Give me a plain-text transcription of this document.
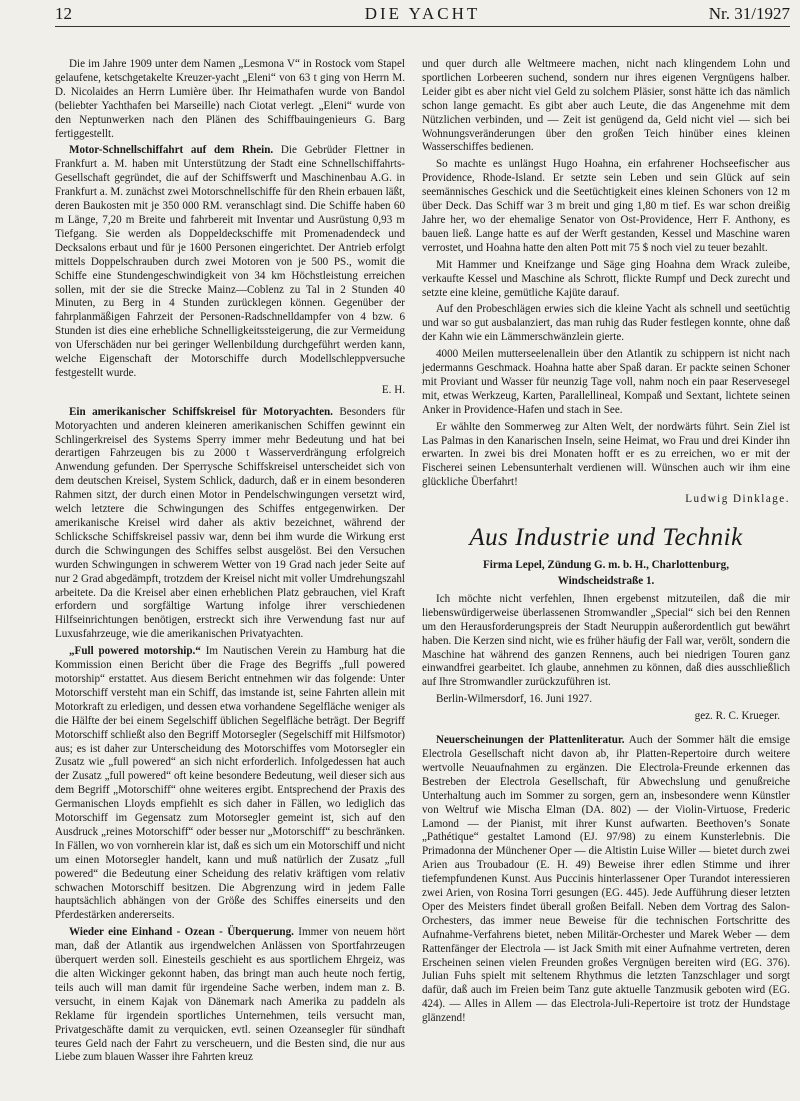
12	DIE YACHT	Nr. 31/1927

Die im Jahre 1909 unter dem Namen „Lesmona V“ in Rostock vom Stapel gelaufene, ketschgetakelte Kreuzer-yacht „Eleni“ von 63 t ging von Herrn M. D. Nicolaides an Herrn Lumière über. Ihr Heimathafen wurde von Bandol (beliebter Yachthafen bei Marseille) nach Ciotat verlegt. „Eleni“ wurde von den Neptunwerken nach den Plänen des Schiffbauingenieurs G. Barg fertiggestellt.

Motor-Schnellschiffahrt auf dem Rhein. Die Gebrüder Flettner in Frankfurt a. M. haben mit Unterstützung der Stadt eine Schnellschiffahrts-Gesellschaft gegründet, die auf der Schiffswerft und Maschinenbau A.G. in Frankfurt a. M. zunächst zwei Motorschnellschiffe für den Rhein erbauen läßt, deren Baukosten mit je 350 000 RM. veranschlagt sind. Die Schiffe haben 60 m Länge, 7,20 m Breite und fahrbereit mit Inventar und Ausrüstung 0,93 m Tiefgang. Sie werden als Doppeldeckschiffe mit Promenadendeck und Decksalons erbaut und für je 1600 Personen eingerichtet. Der Antrieb erfolgt mittels Doppelschrauben durch zwei Motoren von je 500 PS., womit die Schiffe eine Stundengeschwindigkeit von 34 km Höchstleistung erreichen sollen, mit der sie die Strecke Mainz—Coblenz zu Tal in 2 Stunden 40 Minuten, zu Berg in 4 Stunden zurücklegen können. Gegenüber der fahrplanmäßigen Fahrzeit der Personen-Radschnelldampfer von 4 bzw. 6 Stunden ist dies eine erhebliche Schnelligkeitssteigerung, die zur Vermeidung von Uferschäden nur bei geringer Wellenbildung durchgeführt werden kann, welche Eigenschaft der Motorschiffe durch Modellschleppversuche festgestellt wurde.

E. H.

Ein amerikanischer Schiffskreisel für Motoryachten. Besonders für Motoryachten und anderen kleineren amerikanischen Schiffen gewinnt ein Schlingerkreisel des Systems Sperry immer mehr Bedeutung und hat bei derartigen Fahrzeugen bis zu 2000 t Wasserverdrängung erfolgreich Anwendung gefunden. Der Sperrysche Schiffskreisel unterscheidet sich von dem deutschen Kreisel, System Schlick, dadurch, daß er in einem besonderen Rahmen sitzt, der durch einen Motor in Pendelschwingungen versetzt wird, welch letztere die Schwingungen des Schiffes entgegenwirken. Der amerikanische Kreisel wird daher als aktiv bezeichnet, während der Schlicksche Schiffskreisel passiv war, denn bei ihm wurde die Wirkung erst durch die Schwingungen des Schiffes selbst ausgelöst. Bei den Versuchen wurden Schwingungen in schwerem Wetter von 19 Grad nach jeder Seite auf nur 2 Grad abgedämpft, trotzdem der Kreisel nicht mit voller Umdrehungszahl arbeitete. Da die Kreisel aber einen erheblichen Platz gebrauchen, viel Kraft erfordern und sorgfältige Wartung infolge ihrer verschiedenen Hilfseinrichtungen benötigen, erstreckt sich ihre Verwendung fast nur auf Luxusfahrzeuge, wie die amerikanischen Privatyachten.

„Full powered motorship.“ Im Nautischen Verein zu Hamburg hat die Kommission einen Bericht über die Frage des Begriffs „full powered motorship“ erstattet. Aus diesem Bericht entnehmen wir das folgende: Unter Motorschiff versteht man ein Schiff, das imstande ist, seine Fahrten allein mit Motorkraft zu erledigen, und dessen etwa vorhandene Segelfläche weniger als die Hälfte der bei einem Segelschiff üblichen Segelfläche beträgt. Der Begriff Motorschiff schließt also den Begriff Motorsegler (Segelschiff mit Hilfsmotor) aus; es ist daher zur Unterscheidung des Motorschiffes vom Motorsegler ein Zusatz wie „full powered“ an sich nicht erforderlich. Infolgedessen hat auch der Zusatz „full powered“ oft keine besondere Bedeutung, weil dieser sich aus dem Begriff „Motorschiff“ ohne weiteres ergibt. Entsprechend der Praxis des Germanischen Lloyds empfiehlt es sich daher in Fällen, wo lediglich das Motorschiff im Gegensatz zum Motorsegler gemeint ist, sich auf den Ausdruck „reines Motorschiff“ oder besser nur „Motorschiff“ zu beschränken. In Fällen, wo von vornherein klar ist, daß es sich um ein Motorschiff und nicht um einen Motorsegler handelt, kann und muß natürlich der Zusatz „full powered“ die Bedeutung einer Scheidung des relativ kräftigen vom relativ schwachen Motorschiff besitzen. Die Abgrenzung wird in jedem Falle hauptsächlich abhängen von der Größe des Schiffes einerseits und den Pferdestärken andererseits.

Wieder eine Einhand - Ozean - Überquerung. Immer von neuem hört man, daß der Atlantik aus irgendwelchen Anlässen von Sportfahrzeugen überquert werden soll. Einesteils geschieht es aus sportlichem Ehrgeiz, was die alten Wickinger gekonnt haben, das bringt man auch heute noch fertig, teils auch will man damit für irgendeine Sache werben, indem man z. B. versucht, in einem Kajak von Dänemark nach Amerika zu paddeln als Reklame für irgendein sportliches Unternehmen, teils versucht man, Privatgeschäfte damit zu verquicken, evtl. seinen Ozeansegler für sündhaft teures Geld nach der Fahrt zu verscheuern, und die Besten sind, die nur aus Liebe zum blauen Wasser ihre Fahrten kreuz

und quer durch alle Weltmeere machen, nicht nach klingendem Lohn und sportlichen Lorbeeren suchend, sondern nur ihres eigenen Vergnügens halber. Leider gibt es aber nicht viel Geld zu solchem Pläsier, sonst hätte ich das nämlich schon lange gemacht. Es gibt aber auch Leute, die das Angenehme mit dem Nützlichen verbinden, und — Zeit ist genügend da, Geld nicht viel — sich bei Wohnungsveränderungen über den großen Teich hinüber eines kleinen Wasserschiffes bedienen.

So machte es unlängst Hugo Hoahna, ein erfahrener Hochseefischer aus Providence, Rhode-Island. Er setzte sein Leben und sein Glück auf sein seemännisches Geschick und die Seetüchtigkeit eines kleinen Schoners von 12 m über Deck. Das Schiff war 3 m breit und ging 1,80 m tief. Es war schon dreißig Jahre her, wo der ehemalige Senator von Ost-Providence, Herr F. Anthony, es bauen ließ. Lange hatte es auf der Werft gestanden, Kessel und Maschine waren verrostet, und Hoahna hatte den alten Pott mit 75 $ noch viel zu teuer bezahlt.

Mit Hammer und Kneifzange und Säge ging Hoahna dem Wrack zuleibe, verkaufte Kessel und Maschine als Schrott, flickte Rumpf und Deck zurecht und setzte eine kleine, gemütliche Kajüte darauf.

Auf den Probeschlägen erwies sich die kleine Yacht als schnell und seetüchtig und war so gut ausbalanziert, das man ruhig das Ruder festlegen konnte, ohne daß der Kahn wie ein Lämmerschwänzlein gierte.

4000 Meilen mutterseelenallein über den Atlantik zu schippern ist nicht nach jedermanns Geschmack. Hoahna hatte aber Spaß daran. Er packte seinen Schoner mit Proviant und Wasser für neunzig Tage voll, nahm noch ein paar Reservesegel mit, etwas Werkzeug, Karten, Parallellineal, Kompaß und Sextant, lichtete seinen Anker in Providence-Hafen und stach in See.

Er wählte den Sommerweg zur Alten Welt, der nordwärts führt. Sein Ziel ist Las Palmas in den Kanarischen Inseln, seine Heimat, wo Frau und drei Kinder ihn erwarten. In zwei bis drei Monaten hofft er es zu erreichen, wo er mit der Fischerei seinen Lebensunterhalt verdienen will. Wünschen auch wir ihm eine glückliche Überfahrt!

Ludwig Dinklage.
Aus Industrie und Technik
Firma Lepel, Zündung G. m. b. H., Charlottenburg,
Windscheidstraße 1.

Ich möchte nicht verfehlen, Ihnen ergebenst mitzuteilen, daß die mir liebenswürdigerweise überlassenen Stromwandler „Special“ sich bei den Rennen um den Herausforderungspreis der Stadt Neuruppin außerordentlich gut bewährt haben. Die Kerzen sind nicht, wie es früher häufig der Fall war, verölt, sondern die Maschine hat während des ganzen Rennens, auch bei niedrigen Touren ganz einwandfrei gearbeitet. Ich glaube, annehmen zu können, daß dies ausschließlich auf Ihre Stromwandler zurückzuführen ist.

Berlin-Wilmersdorf, 16. Juni 1927.

gez. R. C. Krueger.

Neuerscheinungen der Plattenliteratur. Auch der Sommer hält die emsige Electrola Gesellschaft nicht davon ab, ihr Platten-Repertoire durch weitere wertvolle Neuaufnahmen zu ergänzen. Die Electrola-Freunde erkennen das Bestreben der Electrola Gesellschaft, für Abwechslung und genußreiche Unterhaltung auch im Sommer zu sorgen, gern an, insbesondere wenn Künstler von Weltruf wie Mischa Elman (DA. 802) — der Violin-Virtuose, Frederic Lamond — der Pianist, mit ihrer Kunst aufwarten. Beethoven’s Sonate „Pathétique“ gestaltet Lamond (EJ. 97/98) zu einem Kunsterlebnis. Die Primadonna der Münchener Oper — die Altistin Luise Willer — bietet durch zwei Arien aus Troubadour (E. H. 49) Beweise ihrer edlen Stimme und ihrer tiefempfundenen Kunst. Aus Puccinis hinterlassener Oper Turandot interessieren zwei Arien, von Rosina Torri gesungen (EG. 445). Jede Aufführung dieser letzten Oper des Meisters findet überall großen Beifall. Neben dem Vortrag des Salon-Orchesters, das immer neue Beweise für die technischen Fortschritte des Aufnahme-Verfahrens bietet, neben Militär-Orchester und Marek Weber — dem Rattenfänger der Electrola — ist Jack Smith mit einer Aufnahme vertreten, deren Erscheinen seinen vielen Freunden großes Vergnügen bereiten wird (EG. 376). Julian Fuhs spielt mit seltenem Rhythmus die letzten Tanzschlager und sorgt dafür, daß auch im Freien beim Tanz gute aktuelle Tanzmusik geboten wird (EG. 424). — Alles in Allem — das Electrola-Juli-Repertoire ist trotz der Hundstage glänzend!
